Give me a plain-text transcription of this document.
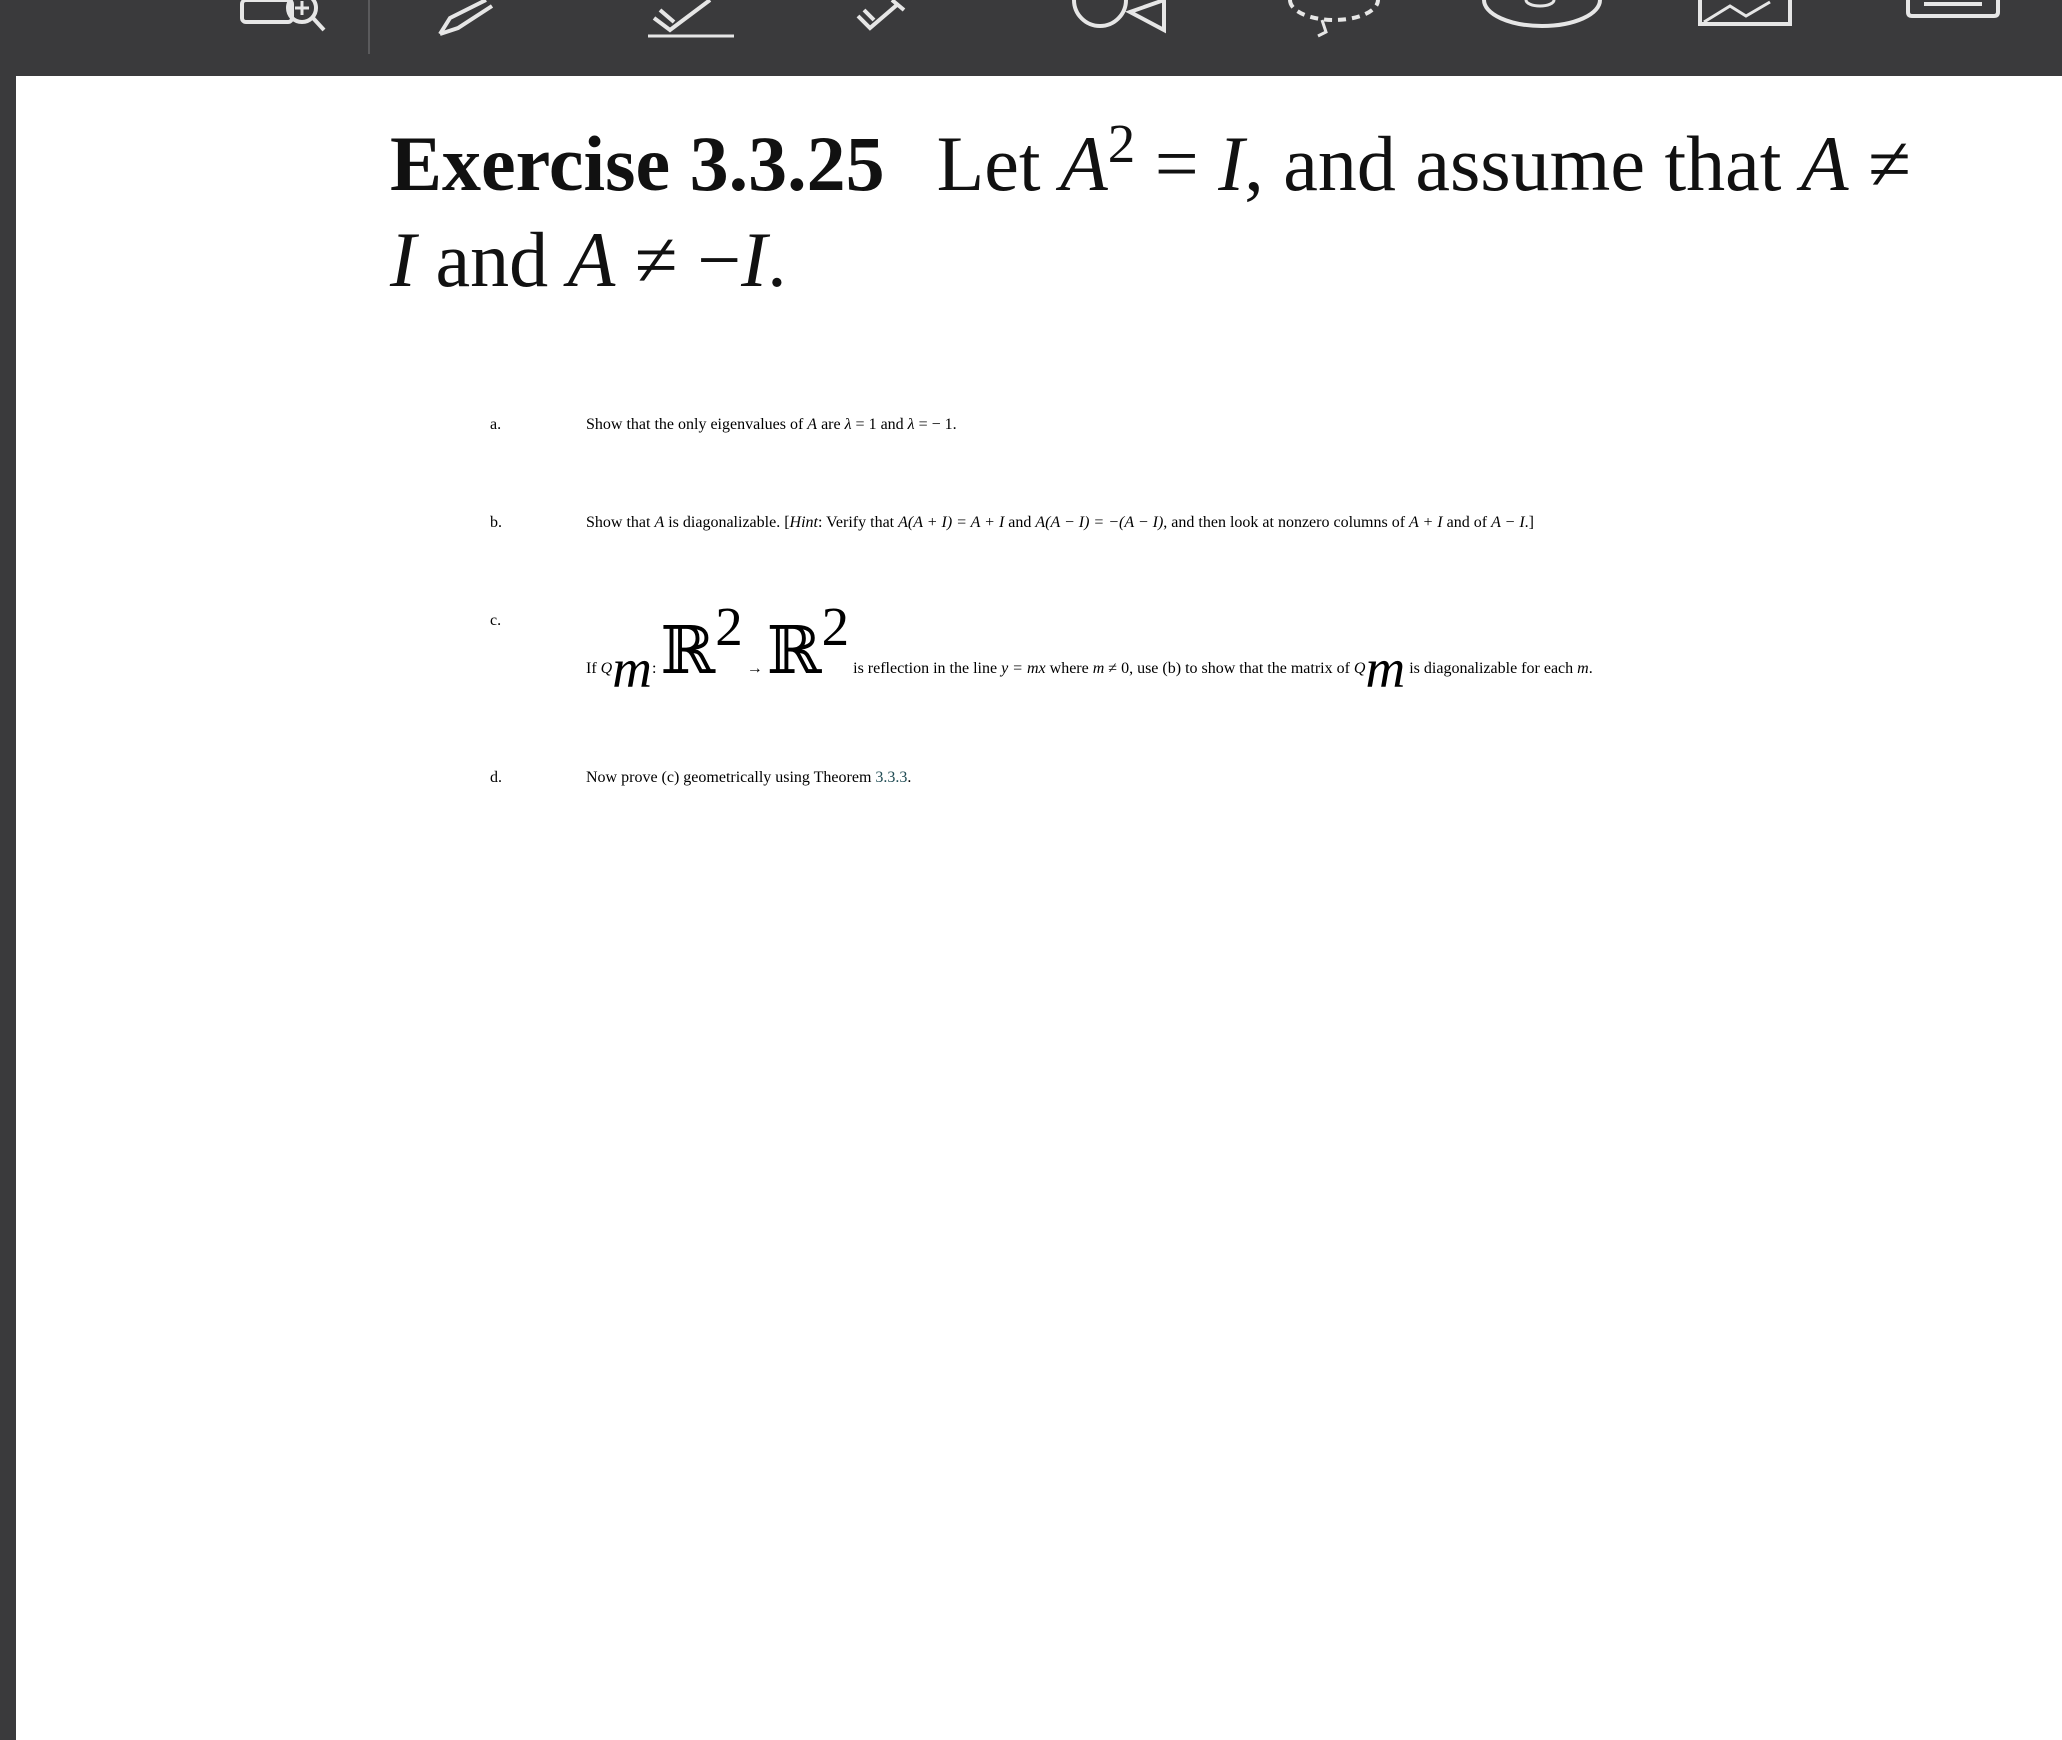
Exercise 3.3.25 Let $A^2 = I$, and assume that A ≠
I and A ≠ −I.
a.	Show that the only eigenvalues of A are λ = 1 and λ = − 1.
b.	Show that A is diagonalizable. [Hint: Verify that A(A + I) = A + I and A(A − I) = −(A − I), and then look at nonzero columns of A + I and of A − I.]
c.
If $Q_m$: ℝ$^2$ → ℝ$^2$ is reflection in the line y = mx where m ≠ 0, use (b) to show that the matrix of $Q_m$ is diagonalizable for each m.
d.	Now prove (c) geometrically using Theorem 3.3.3.
